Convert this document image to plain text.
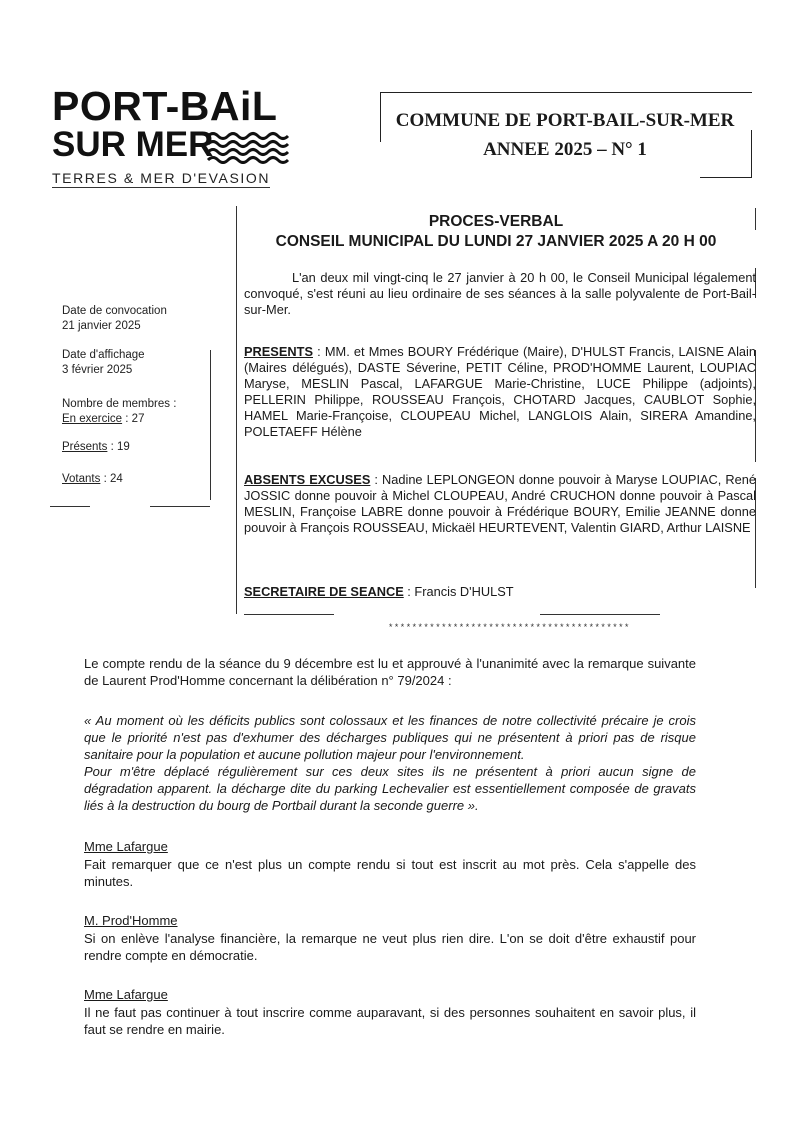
PORT-BAiL
SUR MER
TERRES & MER D'EVASION
COMMUNE DE PORT-BAIL-SUR-MER
ANNEE 2025 – N° 1
PROCES-VERBAL
CONSEIL MUNICIPAL DU LUNDI 27 JANVIER 2025 A 20 H 00
Date de convocation
21 janvier 2025
Date d'affichage
3 février 2025
Nombre de membres :
En exercice : 27
Présents : 19
Votants : 24
L'an deux mil vingt-cinq le 27 janvier à 20 h 00, le Conseil Municipal légalement convoqué, s'est réuni au lieu ordinaire de ses séances à la salle polyvalente de Port-Bail-sur-Mer.
PRESENTS : MM. et Mmes BOURY Frédérique (Maire), D'HULST Francis, LAISNE Alain (Maires délégués), DASTE Séverine, PETIT Céline, PROD'HOMME Laurent, LOUPIAC Maryse, MESLIN Pascal, LAFARGUE Marie-Christine, LUCE Philippe (adjoints), PELLERIN Philippe, ROUSSEAU François, CHOTARD Jacques, CAUBLOT Sophie, HAMEL Marie-Françoise, CLOUPEAU Michel, LANGLOIS Alain, SIRERA Amandine, POLETAEFF Hélène
ABSENTS EXCUSES : Nadine LEPLONGEON donne pouvoir à Maryse LOUPIAC, René JOSSIC donne pouvoir à Michel CLOUPEAU, André CRUCHON donne pouvoir à Pascal MESLIN, Françoise LABRE donne pouvoir à Frédérique BOURY, Emilie JEANNE donne pouvoir à François ROUSSEAU, Mickaël HEURTEVENT, Valentin GIARD, Arthur LAISNE
SECRETAIRE DE SEANCE : Francis D'HULST
*****************************************
Le compte rendu de la séance du 9 décembre est lu et approuvé à l'unanimité avec la remarque suivante de Laurent Prod'Homme concernant la délibération n° 79/2024 :
« Au moment où les déficits publics sont colossaux et les finances de notre collectivité précaire je crois que le priorité n'est pas d'exhumer des décharges publiques qui ne présentent à priori pas de risque sanitaire pour la population et aucune pollution majeur pour l'environnement.
Pour m'être déplacé régulièrement sur ces deux sites ils ne présentent à priori aucun signe de dégradation apparent. la décharge dite du parking Lechevalier est essentiellement composée de gravats liés à la destruction du bourg de Portbail durant la seconde guerre ».
Mme Lafargue
Fait remarquer que ce n'est plus un compte rendu si tout est inscrit au mot près. Cela s'appelle des minutes.
M. Prod'Homme
Si on enlève l'analyse financière, la remarque ne veut plus rien dire. L'on se doit d'être exhaustif pour rendre compte en démocratie.
Mme Lafargue
Il ne faut pas continuer à tout inscrire comme auparavant, si des personnes souhaitent en savoir plus, il faut se rendre en mairie.
